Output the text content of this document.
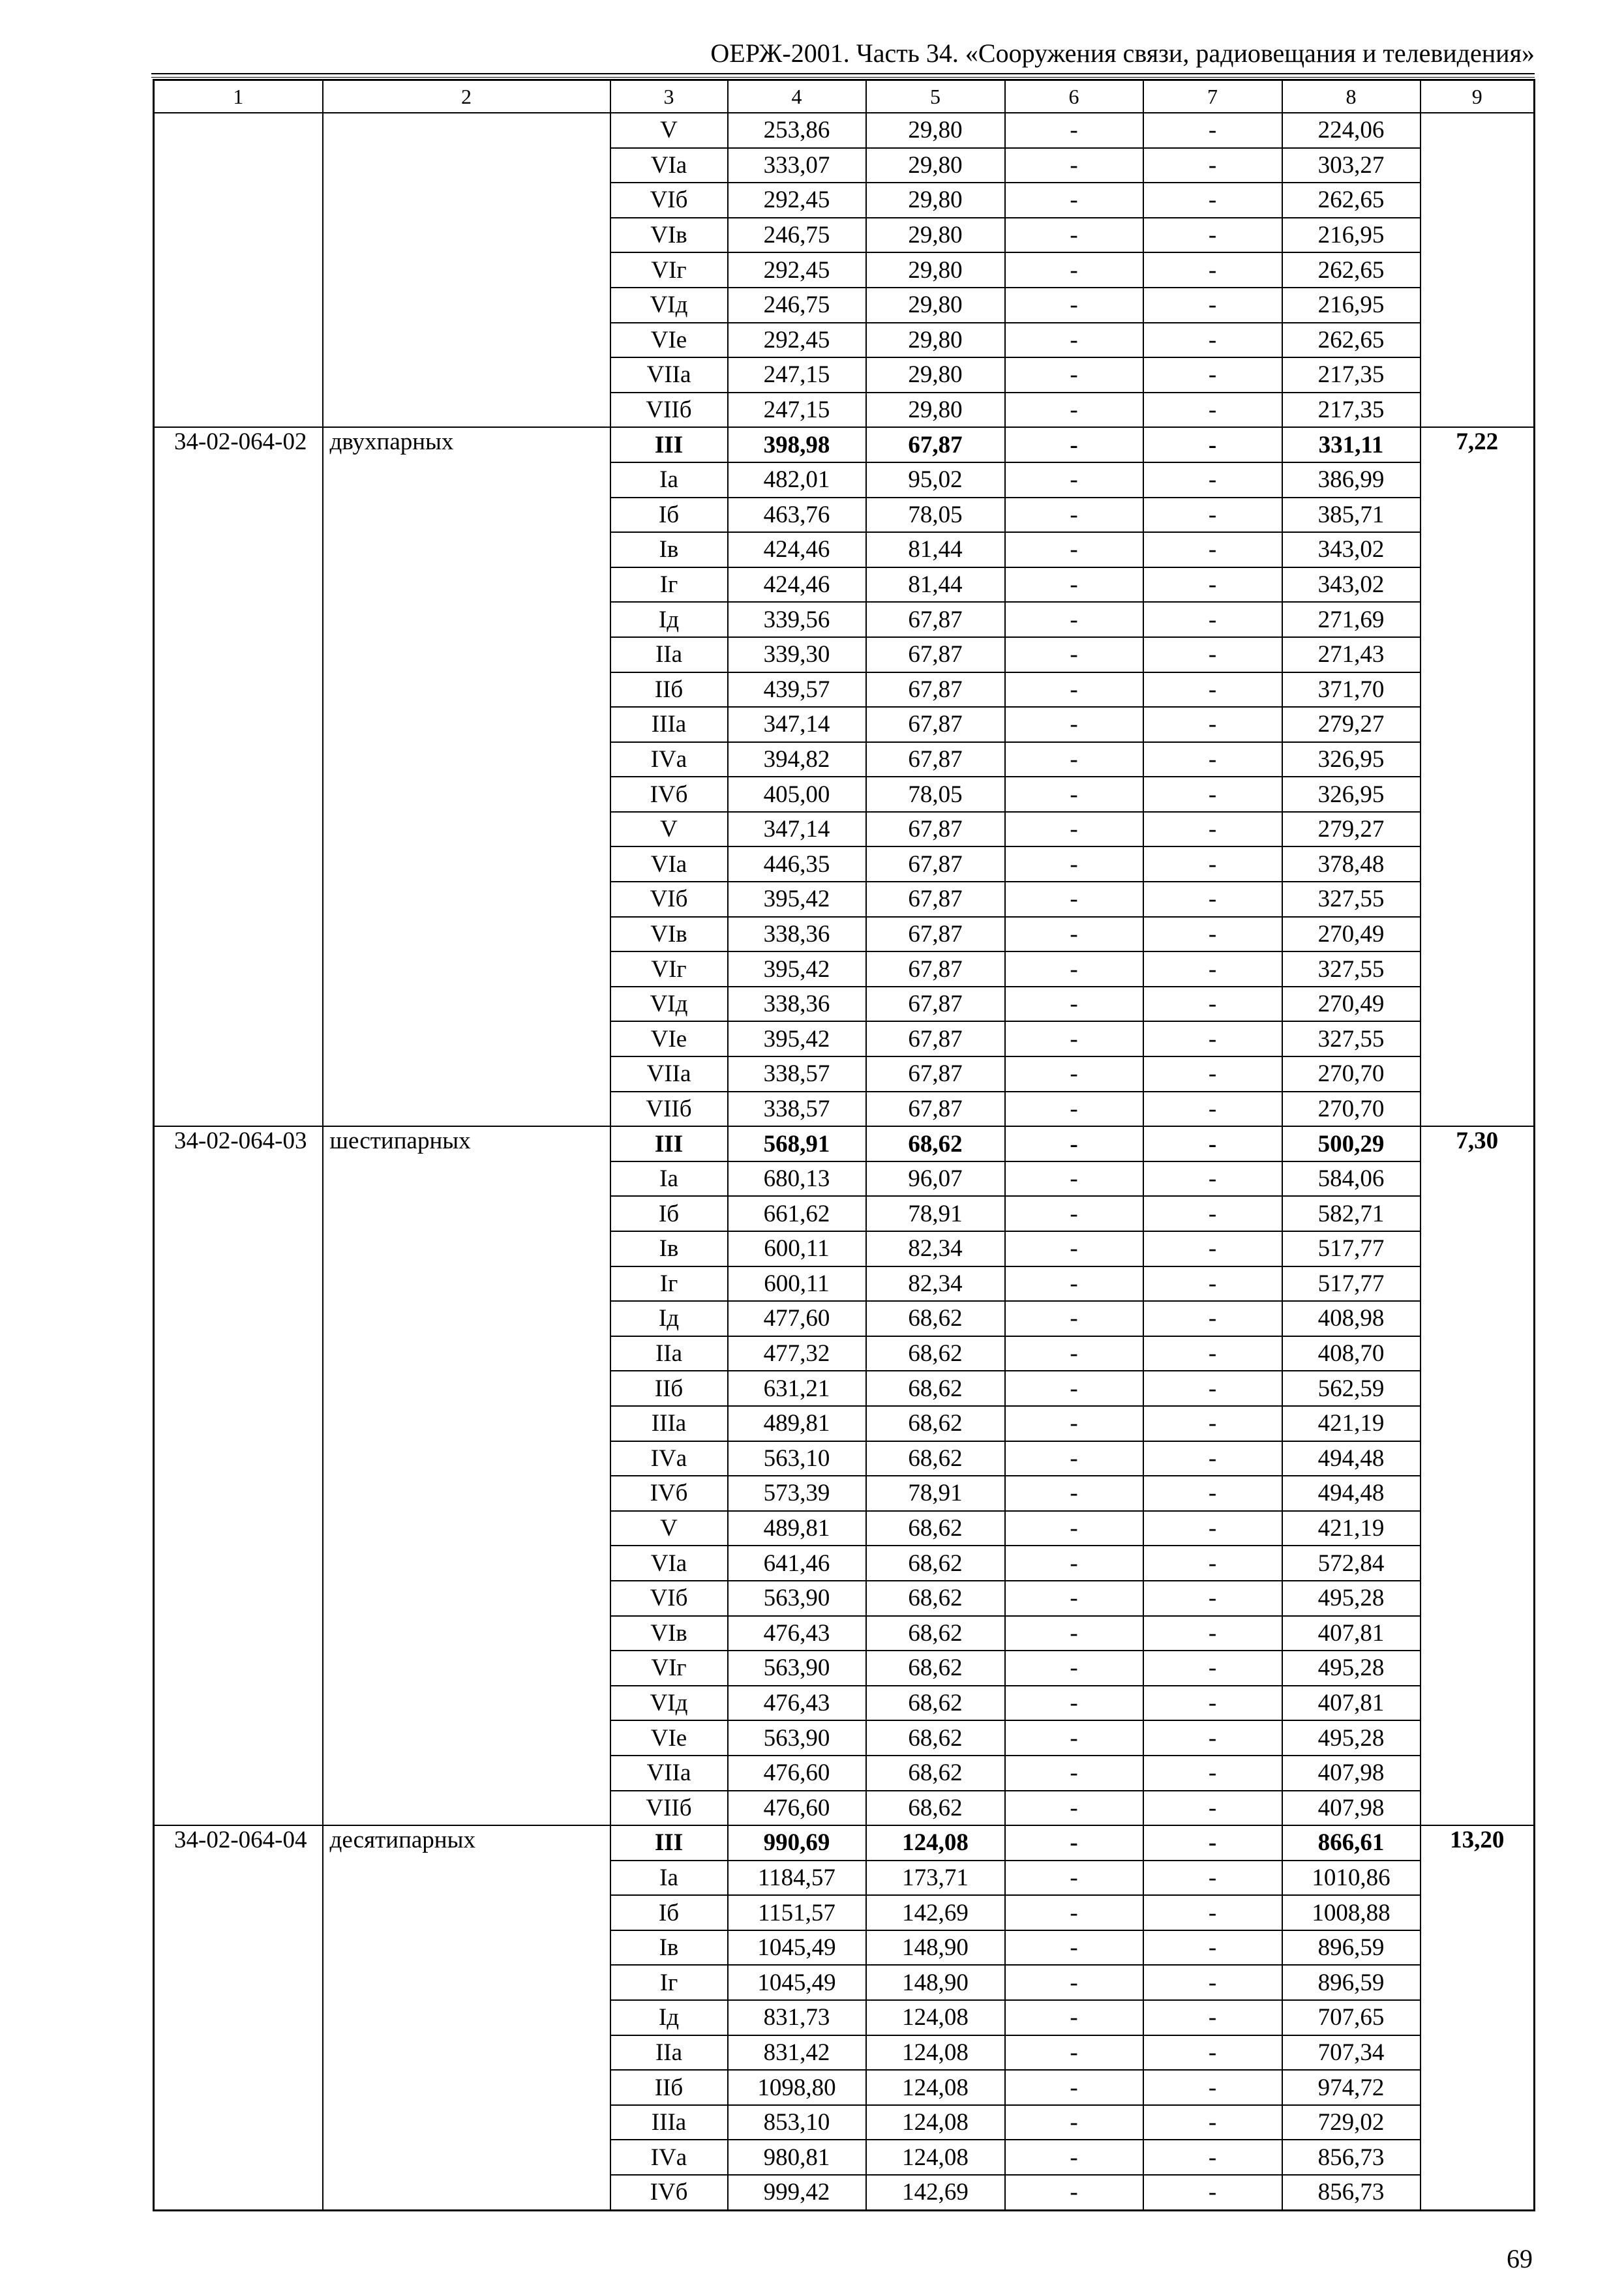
ОЕРЖ-2001. Часть 34. «Сооружения связи, радиовещания и телевидения»
1	2	3	4	5	6	7	8	9
		V	253,86	29,80	-	-	224,06	
		VIа	333,07	29,80	-	-	303,27	
		VIб	292,45	29,80	-	-	262,65	
		VIв	246,75	29,80	-	-	216,95	
		VIг	292,45	29,80	-	-	262,65	
		VIд	246,75	29,80	-	-	216,95	
		VIе	292,45	29,80	-	-	262,65	
		VIIа	247,15	29,80	-	-	217,35	
		VIIб	247,15	29,80	-	-	217,35	
34-02-064-02	двухпарных	III	398,98	67,87	-	-	331,11	7,22
		Iа	482,01	95,02	-	-	386,99	
		Iб	463,76	78,05	-	-	385,71	
		Iв	424,46	81,44	-	-	343,02	
		Iг	424,46	81,44	-	-	343,02	
		Iд	339,56	67,87	-	-	271,69	
		IIа	339,30	67,87	-	-	271,43	
		IIб	439,57	67,87	-	-	371,70	
		IIIа	347,14	67,87	-	-	279,27	
		IVа	394,82	67,87	-	-	326,95	
		IVб	405,00	78,05	-	-	326,95	
		V	347,14	67,87	-	-	279,27	
		VIа	446,35	67,87	-	-	378,48	
		VIб	395,42	67,87	-	-	327,55	
		VIв	338,36	67,87	-	-	270,49	
		VIг	395,42	67,87	-	-	327,55	
		VIд	338,36	67,87	-	-	270,49	
		VIе	395,42	67,87	-	-	327,55	
		VIIа	338,57	67,87	-	-	270,70	
		VIIб	338,57	67,87	-	-	270,70	
34-02-064-03	шестипарных	III	568,91	68,62	-	-	500,29	7,30
		Iа	680,13	96,07	-	-	584,06	
		Iб	661,62	78,91	-	-	582,71	
		Iв	600,11	82,34	-	-	517,77	
		Iг	600,11	82,34	-	-	517,77	
		Iд	477,60	68,62	-	-	408,98	
		IIа	477,32	68,62	-	-	408,70	
		IIб	631,21	68,62	-	-	562,59	
		IIIа	489,81	68,62	-	-	421,19	
		IVа	563,10	68,62	-	-	494,48	
		IVб	573,39	78,91	-	-	494,48	
		V	489,81	68,62	-	-	421,19	
		VIа	641,46	68,62	-	-	572,84	
		VIб	563,90	68,62	-	-	495,28	
		VIв	476,43	68,62	-	-	407,81	
		VIг	563,90	68,62	-	-	495,28	
		VIд	476,43	68,62	-	-	407,81	
		VIе	563,90	68,62	-	-	495,28	
		VIIа	476,60	68,62	-	-	407,98	
		VIIб	476,60	68,62	-	-	407,98	
34-02-064-04	десятипарных	III	990,69	124,08	-	-	866,61	13,20
		Iа	1184,57	173,71	-	-	1010,86	
		Iб	1151,57	142,69	-	-	1008,88	
		Iв	1045,49	148,90	-	-	896,59	
		Iг	1045,49	148,90	-	-	896,59	
		Iд	831,73	124,08	-	-	707,65	
		IIа	831,42	124,08	-	-	707,34	
		IIб	1098,80	124,08	-	-	974,72	
		IIIа	853,10	124,08	-	-	729,02	
		IVа	980,81	124,08	-	-	856,73	
		IVб	999,42	142,69	-	-	856,73	
69
